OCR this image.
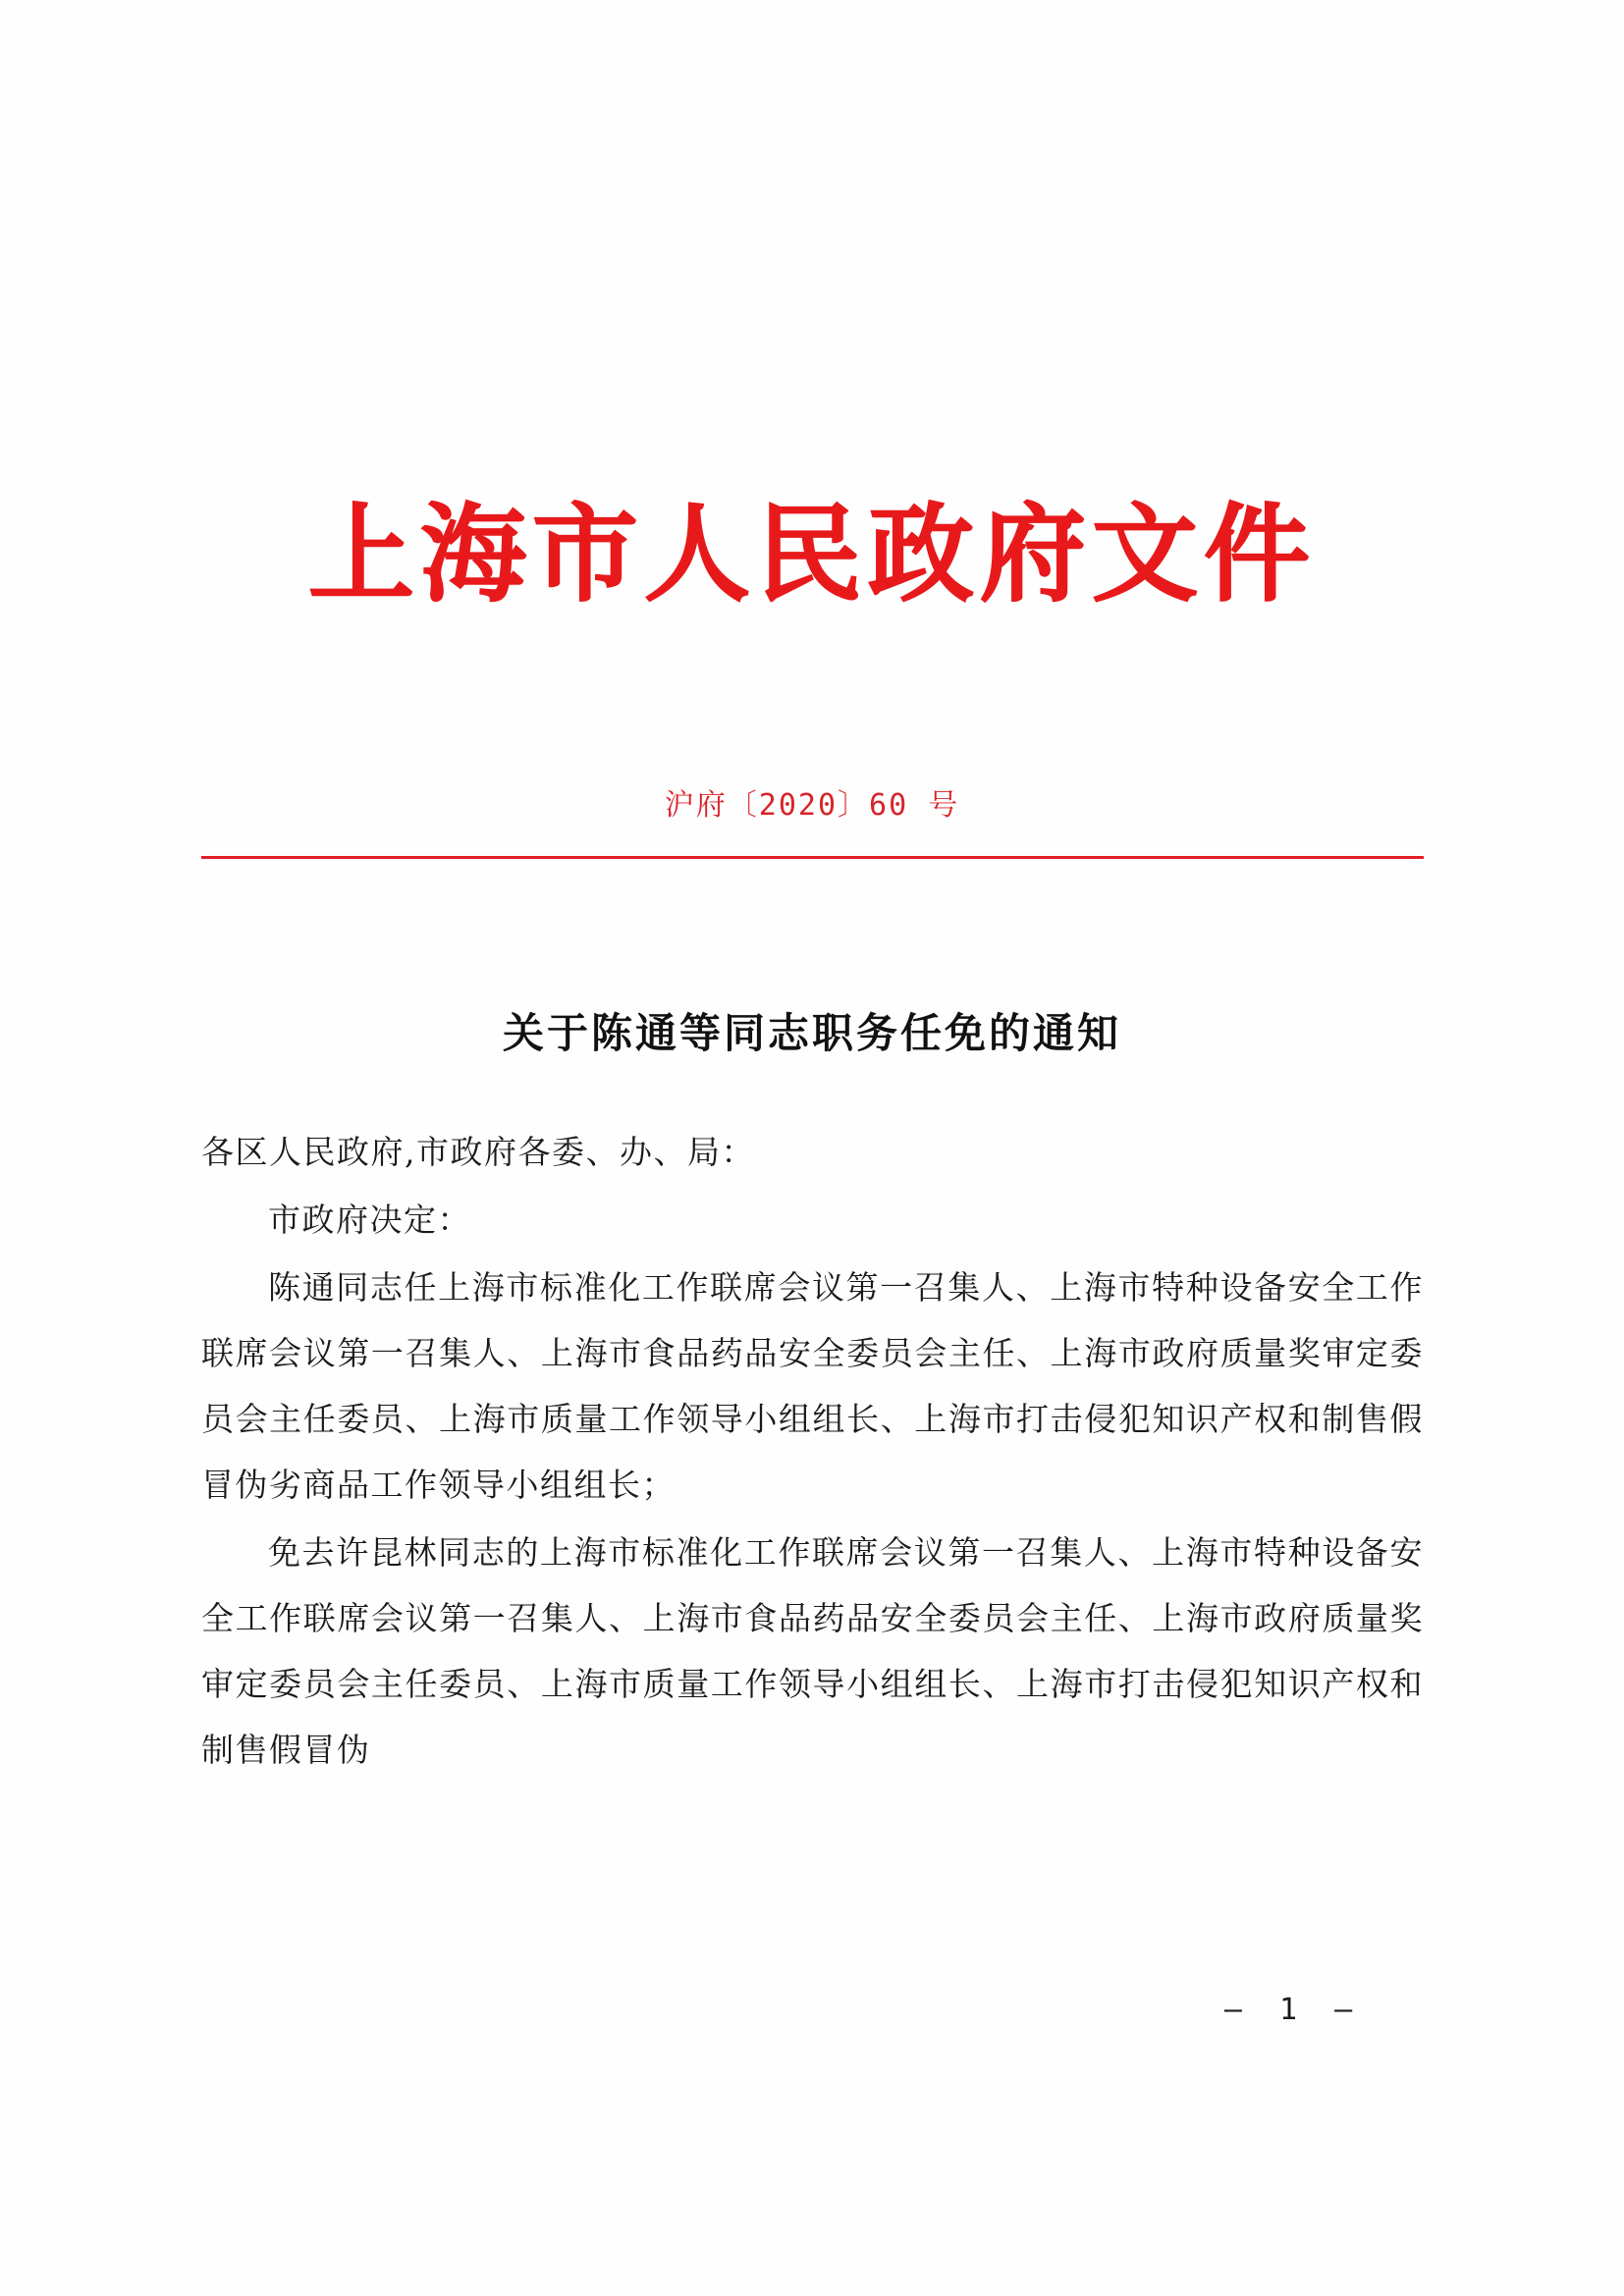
上海市人民政府文件
沪府〔2020〕60 号
关于陈通等同志职务任免的通知

各区人民政府,市政府各委、办、局：

市政府决定：

陈通同志任上海市标准化工作联席会议第一召集人、上海市特种设备安全工作联席会议第一召集人、上海市食品药品安全委员会主任、上海市政府质量奖审定委员会主任委员、上海市质量工作领导小组组长、上海市打击侵犯知识产权和制售假冒伪劣商品工作领导小组组长；

免去许昆林同志的上海市标准化工作联席会议第一召集人、上海市特种设备安全工作联席会议第一召集人、上海市食品药品安全委员会主任、上海市政府质量奖审定委员会主任委员、上海市质量工作领导小组组长、上海市打击侵犯知识产权和制售假冒伪

— 1 —
